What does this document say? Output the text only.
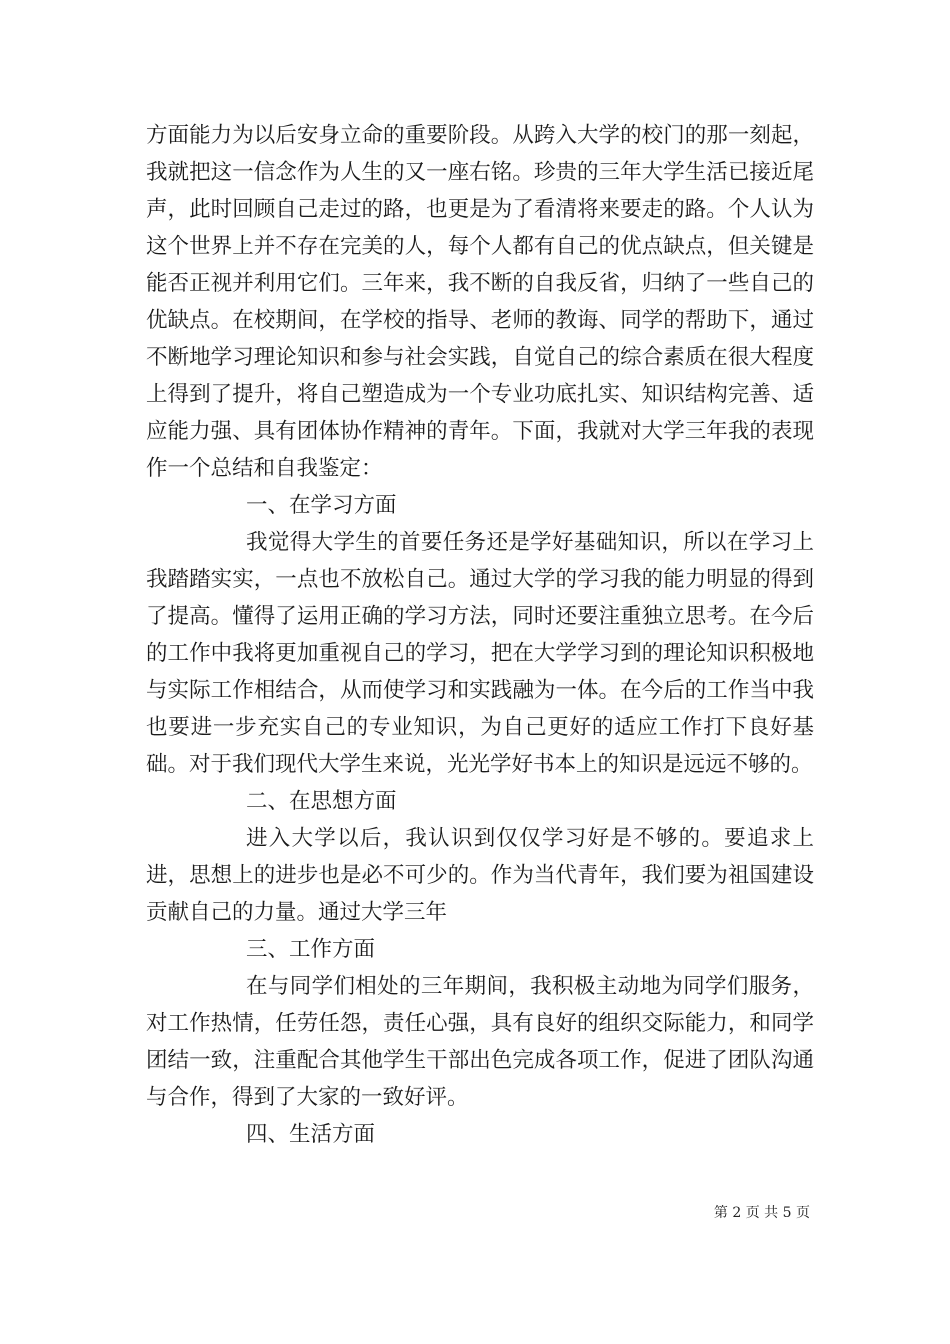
方面能力为以后安身立命的重要阶段。从跨入大学的校门的那一刻起，我就把这一信念作为人生的又一座右铭。珍贵的三年大学生活已接近尾声，此时回顾自己走过的路，也更是为了看清将来要走的路。个人认为这个世界上并不存在完美的人，每个人都有自己的优点缺点，但关键是能否正视并利用它们。三年来，我不断的自我反省，归纳了一些自己的优缺点。在校期间，在学校的指导、老师的教诲、同学的帮助下，通过不断地学习理论知识和参与社会实践，自觉自己的综合素质在很大程度上得到了提升，将自己塑造成为一个专业功底扎实、知识结构完善、适应能力强、具有团体协作精神的青年。下面，我就对大学三年我的表现作一个总结和自我鉴定：

一、在学习方面

我觉得大学生的首要任务还是学好基础知识，所以在学习上我踏踏实实，一点也不放松自己。通过大学的学习我的能力明显的得到了提高。懂得了运用正确的学习方法，同时还要注重独立思考。在今后的工作中我将更加重视自己的学习，把在大学学习到的理论知识积极地与实际工作相结合，从而使学习和实践融为一体。在今后的工作当中我也要进一步充实自己的专业知识，为自己更好的适应工作打下良好基础。对于我们现代大学生来说，光光学好书本上的知识是远远不够的。

二、在思想方面

进入大学以后，我认识到仅仅学习好是不够的。要追求上进，思想上的进步也是必不可少的。作为当代青年，我们要为祖国建设贡献自己的力量。通过大学三年

三、工作方面

在与同学们相处的三年期间，我积极主动地为同学们服务，对工作热情，任劳任怨，责任心强，具有良好的组织交际能力，和同学团结一致，注重配合其他学生干部出色完成各项工作，促进了团队沟通与合作，得到了大家的一致好评。

四、生活方面

第 2 页 共 5 页
